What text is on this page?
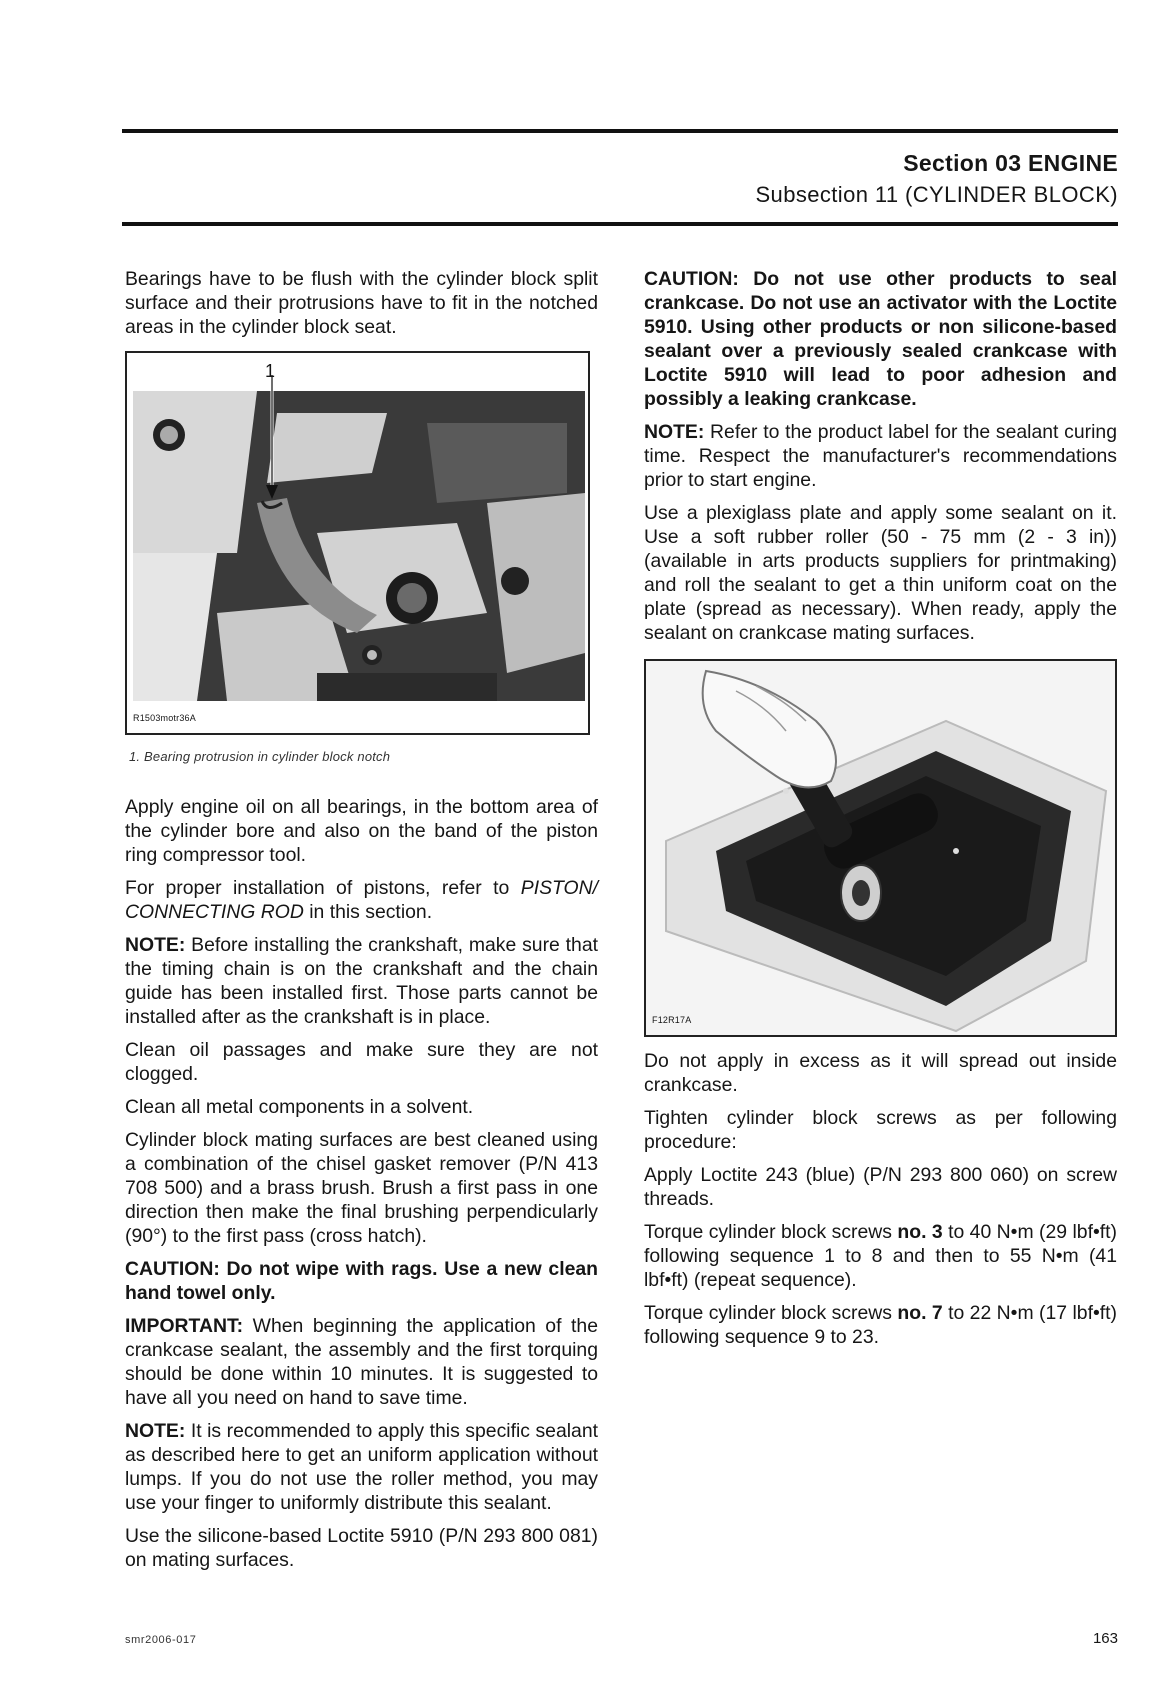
Section 03 ENGINE
Subsection 11 (CYLINDER BLOCK)

Bearings have to be flush with the cylinder block split surface and their protrusions have to fit in the notched areas in the cylinder block seat.

1
R1503motr36A
1. Bearing protrusion in cylinder block notch

Apply engine oil on all bearings, in the bottom area of the cylinder bore and also on the band of the piston ring compressor tool.

For proper installation of pistons, refer to PISTON/ CONNECTING ROD in this section.

NOTE: Before installing the crankshaft, make sure that the timing chain is on the crankshaft and the chain guide has been installed first. Those parts cannot be installed after as the crankshaft is in place.

Clean oil passages and make sure they are not clogged.

Clean all metal components in a solvent.

Cylinder block mating surfaces are best cleaned using a combination of the chisel gasket remover (P/N 413 708 500) and a brass brush. Brush a first pass in one direction then make the final brushing perpendicularly (90°) to the first pass (cross hatch).

CAUTION: Do not wipe with rags. Use a new clean hand towel only.

IMPORTANT: When beginning the application of the crankcase sealant, the assembly and the first torquing should be done within 10 minutes. It is suggested to have all you need on hand to save time.

NOTE: It is recommended to apply this specific sealant as described here to get an uniform application without lumps. If you do not use the roller method, you may use your finger to uniformly distribute this sealant.

Use the silicone-based Loctite 5910 (P/N 293 800 081) on mating surfaces.

CAUTION: Do not use other products to seal crankcase. Do not use an activator with the Loctite 5910. Using other products or non silicone-based sealant over a previously sealed crankcase with Loctite 5910 will lead to poor adhesion and possibly a leaking crankcase.

NOTE: Refer to the product label for the sealant curing time. Respect the manufacturer's recommendations prior to start engine.

Use a plexiglass plate and apply some sealant on it. Use a soft rubber roller (50 - 75 mm (2 - 3 in)) (available in arts products suppliers for printmaking) and roll the sealant to get a thin uniform coat on the plate (spread as necessary). When ready, apply the sealant on crankcase mating surfaces.

F12R17A

Do not apply in excess as it will spread out inside crankcase.

Tighten cylinder block screws as per following procedure:

Apply Loctite 243 (blue) (P/N 293 800 060) on screw threads.

Torque cylinder block screws no. 3 to 40 N•m (29 lbf•ft) following sequence 1 to 8 and then to 55 N•m (41 lbf•ft) (repeat sequence).

Torque cylinder block screws no. 7 to 22 N•m (17 lbf•ft) following sequence 9 to 23.

smr2006-017	163
